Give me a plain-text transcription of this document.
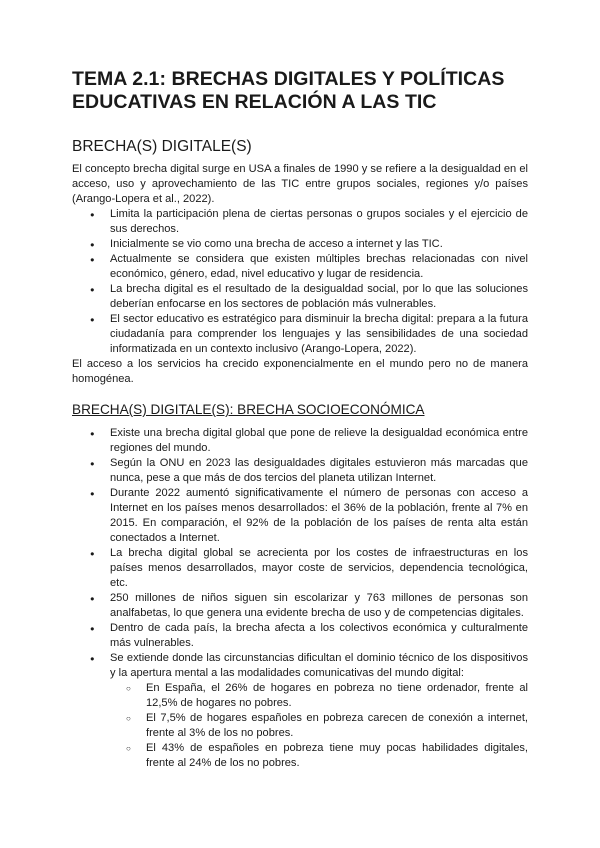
TEMA 2.1: BRECHAS DIGITALES Y POLÍTICAS EDUCATIVAS EN RELACIÓN A LAS TIC
BRECHA(S) DIGITALE(S)

El concepto brecha digital surge en USA a finales de 1990 y se refiere a la desigualdad en el acceso, uso y aprovechamiento de las TIC entre grupos sociales, regiones y/o países (Arango-Lopera et al., 2022).

● Limita la participación plena de ciertas personas o grupos sociales y el ejercicio de sus derechos.
● Inicialmente se vio como una brecha de acceso a internet y las TIC.
● Actualmente se considera que existen múltiples brechas relacionadas con nivel económico, género, edad, nivel educativo y lugar de residencia.
● La brecha digital es el resultado de la desigualdad social, por lo que las soluciones deberían enfocarse en los sectores de población más vulnerables.
● El sector educativo es estratégico para disminuir la brecha digital: prepara a la futura ciudadanía para comprender los lenguajes y las sensibilidades de una sociedad informatizada en un contexto inclusivo (Arango-Lopera, 2022).

El acceso a los servicios ha crecido exponencialmente en el mundo pero no de manera homogénea.

BRECHA(S) DIGITALE(S): BRECHA SOCIOECONÓMICA
● Existe una brecha digital global que pone de relieve la desigualdad económica entre regiones del mundo.
● Según la ONU en 2023 las desigualdades digitales estuvieron más marcadas que nunca, pese a que más de dos tercios del planeta utilizan Internet.
● Durante 2022 aumentó significativamente el número de personas con acceso a Internet en los países menos desarrollados: el 36% de la población, frente al 7% en 2015. En comparación, el 92% de la población de los países de renta alta están conectados a Internet.
● La brecha digital global se acrecienta por los costes de infraestructuras en los países menos desarrollados, mayor coste de servicios, dependencia tecnológica, etc.
● 250 millones de niños siguen sin escolarizar y 763 millones de personas son analfabetas, lo que genera una evidente brecha de uso y de competencias digitales.
● Dentro de cada país, la brecha afecta a los colectivos económica y culturalmente más vulnerables.
● Se extiende donde las circunstancias dificultan el dominio técnico de los dispositivos y la apertura mental a las modalidades comunicativas del mundo digital:
○ En España, el 26% de hogares en pobreza no tiene ordenador, frente al 12,5% de hogares no pobres.
○ El 7,5% de hogares españoles en pobreza carecen de conexión a internet, frente al 3% de los no pobres.
○ El 43% de españoles en pobreza tiene muy pocas habilidades digitales, frente al 24% de los no pobres.
